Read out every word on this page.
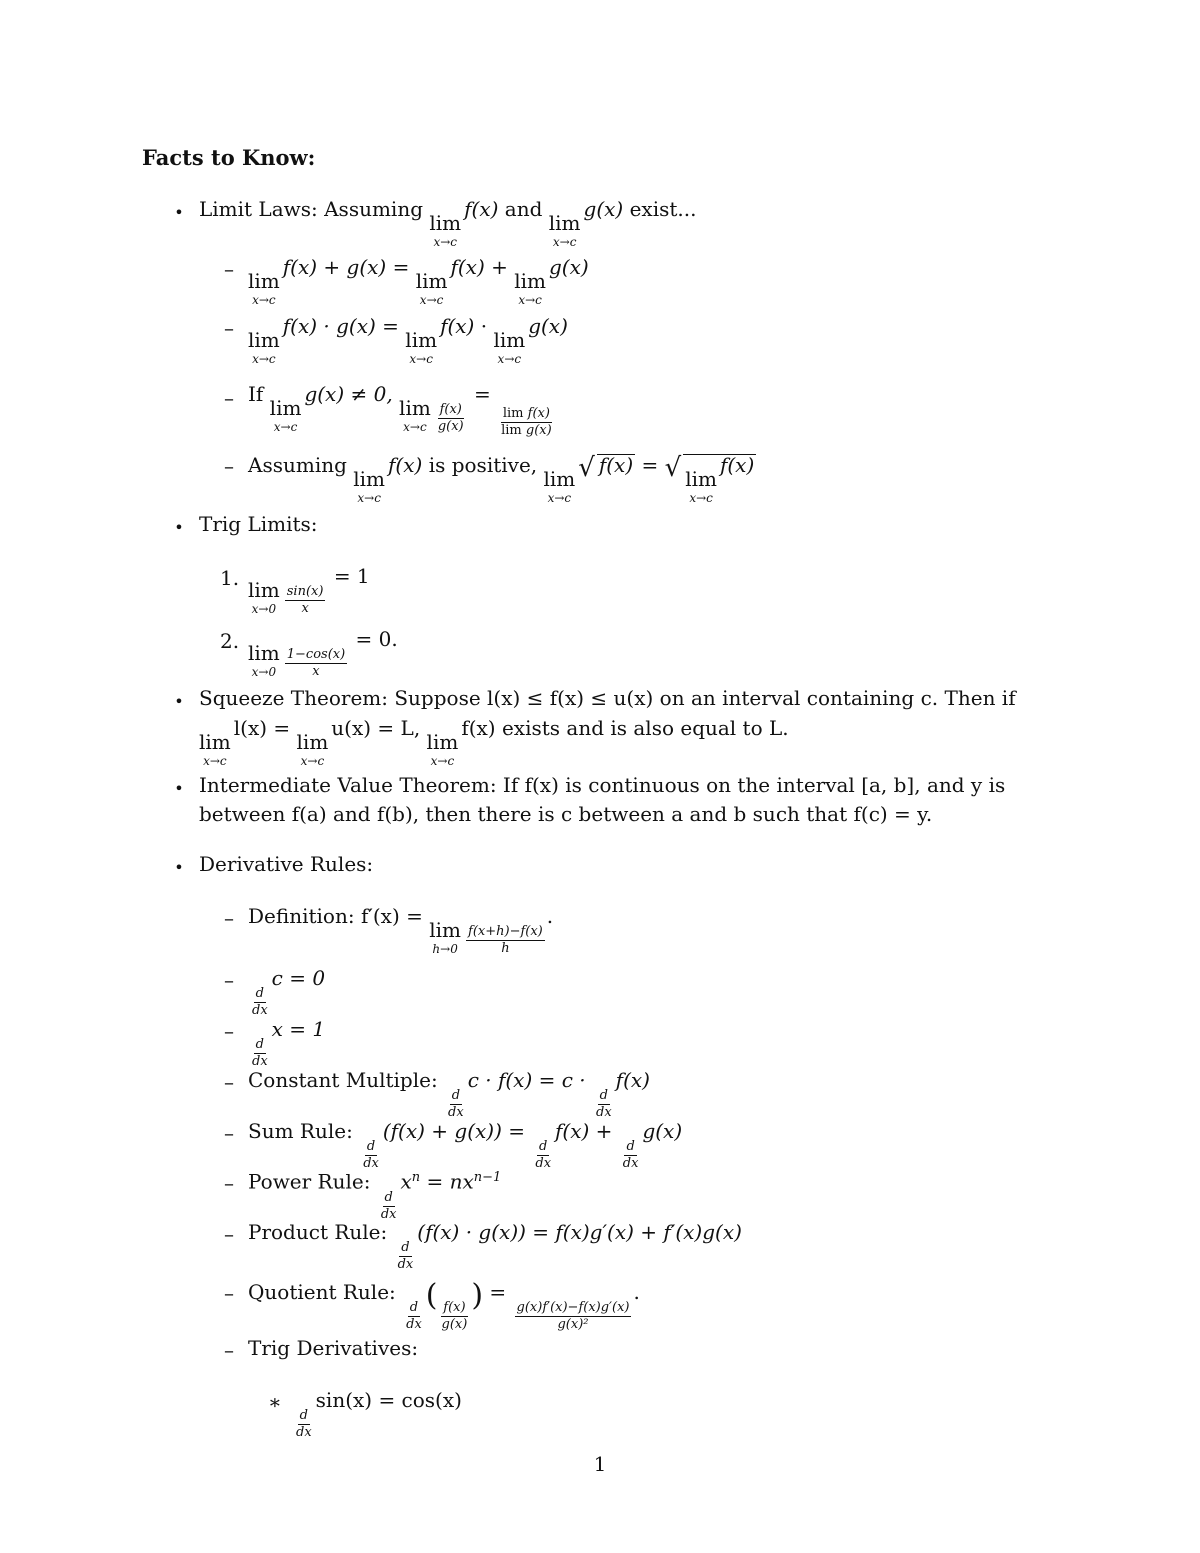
Facts to Know:
• Limit Laws: Assuming
lim
x→c
f(x) and
lim
x→c
g(x) exist...
– lim
x→c
f(x) + g(x) =
lim
x→c
f(x) +
lim
x→c
g(x)
– lim
x→c
f(x) · g(x) =
lim
x→c
f(x) ·
lim
x→c
g(x)
– If
lim
x→c
g(x) ≠ 0,
lim
$x\to c \frac{f(x)}{g(x)}$
=
$\frac{\text{lim f(x)}}{\text{lim g(x)}}$
– Assuming
lim
x→c
f(x) is positive,
lim
x→c
√ f(x) = √ lim
x→c
f(x)
• Trig Limits:
1. lim
$x\to 0 \frac{\sin(x)}{x}$
= 1
2. lim
$x\to 0 \frac{1-\cos(x)}{x}$
= 0.
• Squeeze Theorem: Suppose l(x) ≤ f(x) ≤ u(x) on an interval containing c. Then if
lim
x→c
l(x) =
lim
x→c
u(x) = L,
lim
x→c
f(x) exists and is also equal to L.
• Intermediate Value Theorem: If f(x) is continuous on the interval [a, b], and y is
between f(a) and f(b), then there is c between a and b such that f(c) = y.
• Derivative Rules:
– Definition: f′(x) =
lim
$h\to 0 \frac{f(x+h)-f(x)}{h}$
.
–
$\frac{d}{dx}$
c = 0
–
$\frac{d}{dx}$
x = 1
– Constant Multiple:
$\frac{d}{dx}$
c · f(x) = c ·
$\frac{d}{dx}$
f(x)
– Sum Rule:
$\frac{d}{dx}$
(f(x) + g(x)) =
$\frac{d}{dx}$
f(x) +
$\frac{d}{dx}$
g(x)
– Power Rule:
$\frac{d}{dx}$
$x^n = nx^{n-1}$
– Product Rule:
$\frac{d}{dx}$
(f(x) · g(x)) = f(x)g′(x) + f′(x)g(x)
– Quotient Rule:
$\frac{d}{dx}$
(
$\frac{f(x)}{g(x)}$
) =
$\frac{g(x)f'(x)-f(x)g'(x)}{\text{g(x)²}}$
.
– Trig Derivatives:
∗
$\frac{d}{dx}$
sin(x) = cos(x)
1
